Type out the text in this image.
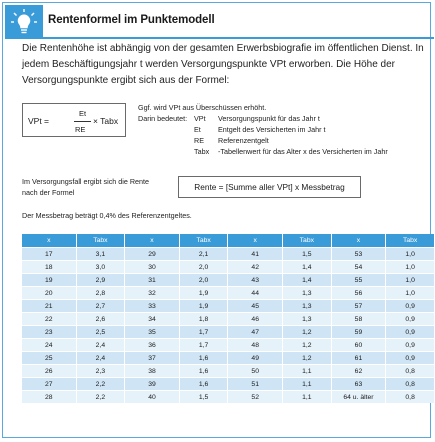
Rentenformel im Punktemodell
Die Rentenhöhe ist abhängig von der gesamten Erwerbsbiografie im öffentlichen Dienst. In jedem Beschäftigungsjahr t werden Versorgungspunkte VPt erworben. Die Höhe der Versorgungspunkte ergibt sich aus der Formel:
VPt =
Et
RE
× Tabx
Ggf. wird VPt aus Überschüssen erhöht.
Darin bedeutet: VPt Versorgungspunkt für das Jahr t
Et Entgelt des Versicherten im Jahr t
RE Referenzentgelt
Tabx -Tabellenwert für das Alter x des Versicherten im Jahr
Im Versorgungsfall ergibt sich die Rente nach der Formel
Rente = [Summe aller VPt] x Messbetrag
Der Messbetrag beträgt 0,4% des Referenzentgeltes.
x	Tabx	x	Tabx	x	Tabx	x	Tabx
17	3,1	29	2,1	41	1,5	53	1,0
18	3,0	30	2,0	42	1,4	54	1,0
19	2,9	31	2,0	43	1,4	55	1,0
20	2,8	32	1,9	44	1,3	56	1,0
21	2,7	33	1,9	45	1,3	57	0,9
22	2,6	34	1,8	46	1,3	58	0,9
23	2,5	35	1,7	47	1,2	59	0,9
24	2,4	36	1,7	48	1,2	60	0,9
25	2,4	37	1,6	49	1,2	61	0,9
26	2,3	38	1,6	50	1,1	62	0,8
27	2,2	39	1,6	51	1,1	63	0,8
28	2,2	40	1,5	52	1,1	64 u. älter	0,8
